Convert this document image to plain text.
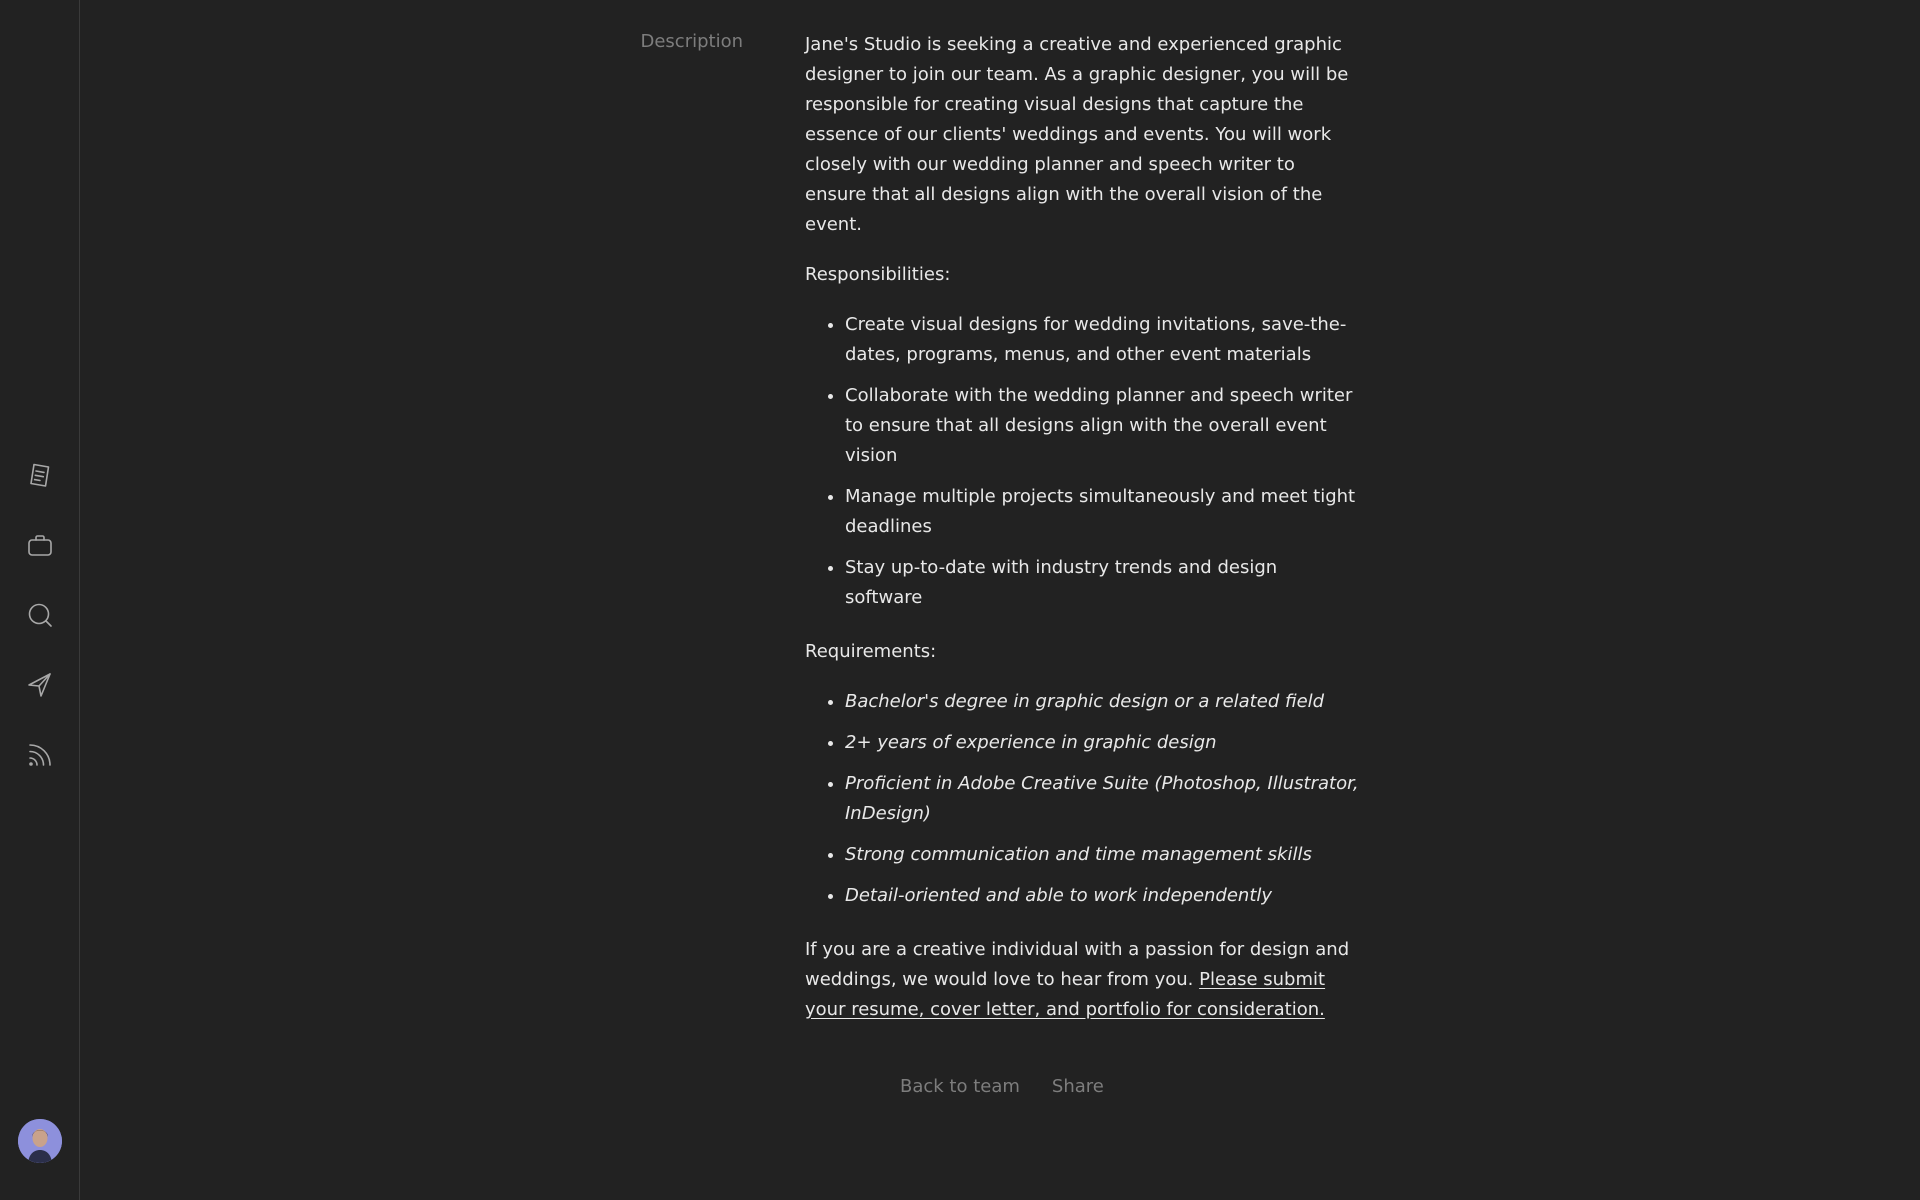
Description	Jane's Studio is seeking a creative and experienced graphic designer to join our team. As a graphic designer, you will be responsible for creating visual designs that capture the essence of our clients' weddings and events. You will work closely with our wedding planner and speech writer to ensure that all designs align with the overall vision of the event.

Responsibilities:

• Create visual designs for wedding invitations, save-the-dates, programs, menus, and other event materials
• Collaborate with the wedding planner and speech writer to ensure that all designs align with the overall event vision
• Manage multiple projects simultaneously and meet tight deadlines
• Stay up-to-date with industry trends and design software

Requirements:

• Bachelor's degree in graphic design or a related field
• 2+ years of experience in graphic design
• Proficient in Adobe Creative Suite (Photoshop, Illustrator, InDesign)
• Strong communication and time management skills
• Detail-oriented and able to work independently

If you are a creative individual with a passion for design and weddings, we would love to hear from you. Please submit your resume, cover letter, and portfolio for consideration.

Back to team Share
